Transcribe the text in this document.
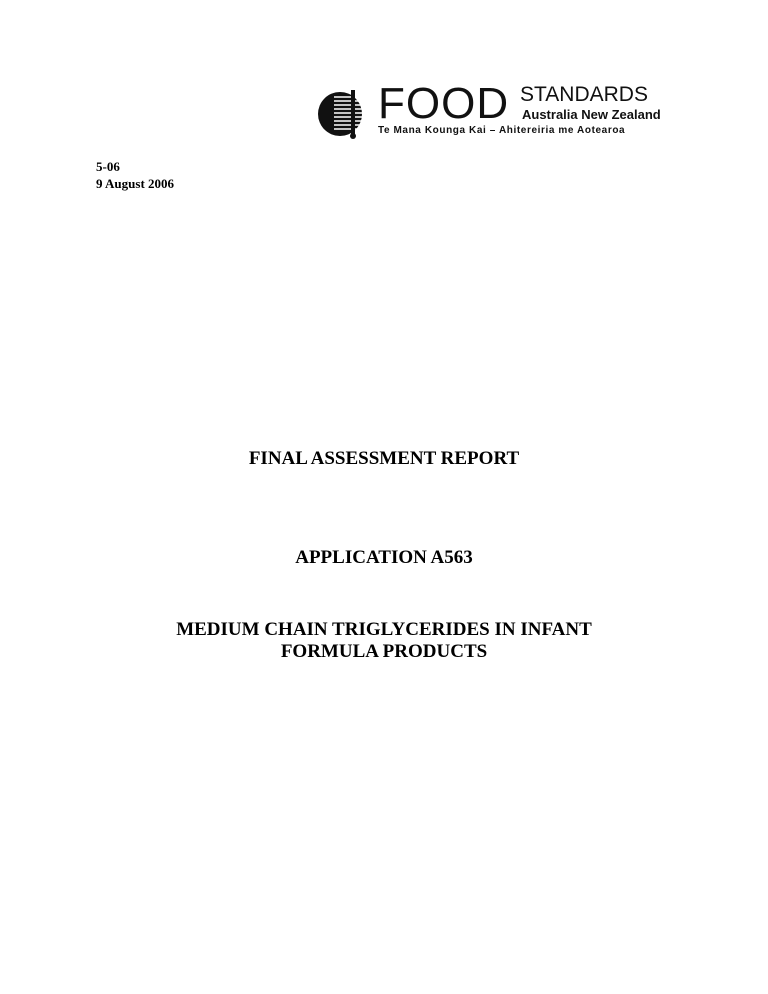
FOOD STANDARDS
Australia New Zealand
Te Mana Kounga Kai – Ahitereiria me Aotearoa
5-06
9 August 2006
FINAL ASSESSMENT REPORT
APPLICATION A563
MEDIUM CHAIN TRIGLYCERIDES IN INFANT
FORMULA PRODUCTS
